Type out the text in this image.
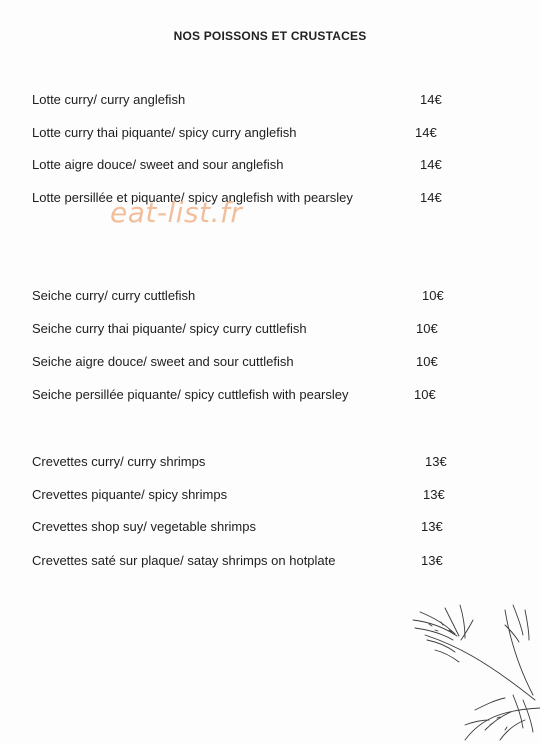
NOS POISSONS ET CRUSTACES
Lotte curry/ curry anglefish	14€
Lotte curry thai piquante/ spicy curry anglefish	14€
Lotte aigre douce/ sweet and sour anglefish	14€
Lotte persillée et piquante/ spicy anglefish with pearsley	14€
eat-list.fr
Seiche curry/ curry cuttlefish	10€
Seiche curry thai piquante/ spicy curry cuttlefish	10€
Seiche aigre douce/ sweet and sour cuttlefish	10€
Seiche persillée piquante/ spicy cuttlefish with pearsley	10€
Crevettes curry/ curry shrimps	13€
Crevettes piquante/ spicy shrimps	13€
Crevettes shop suy/ vegetable shrimps	13€
Crevettes saté sur plaque/ satay shrimps on hotplate	13€
